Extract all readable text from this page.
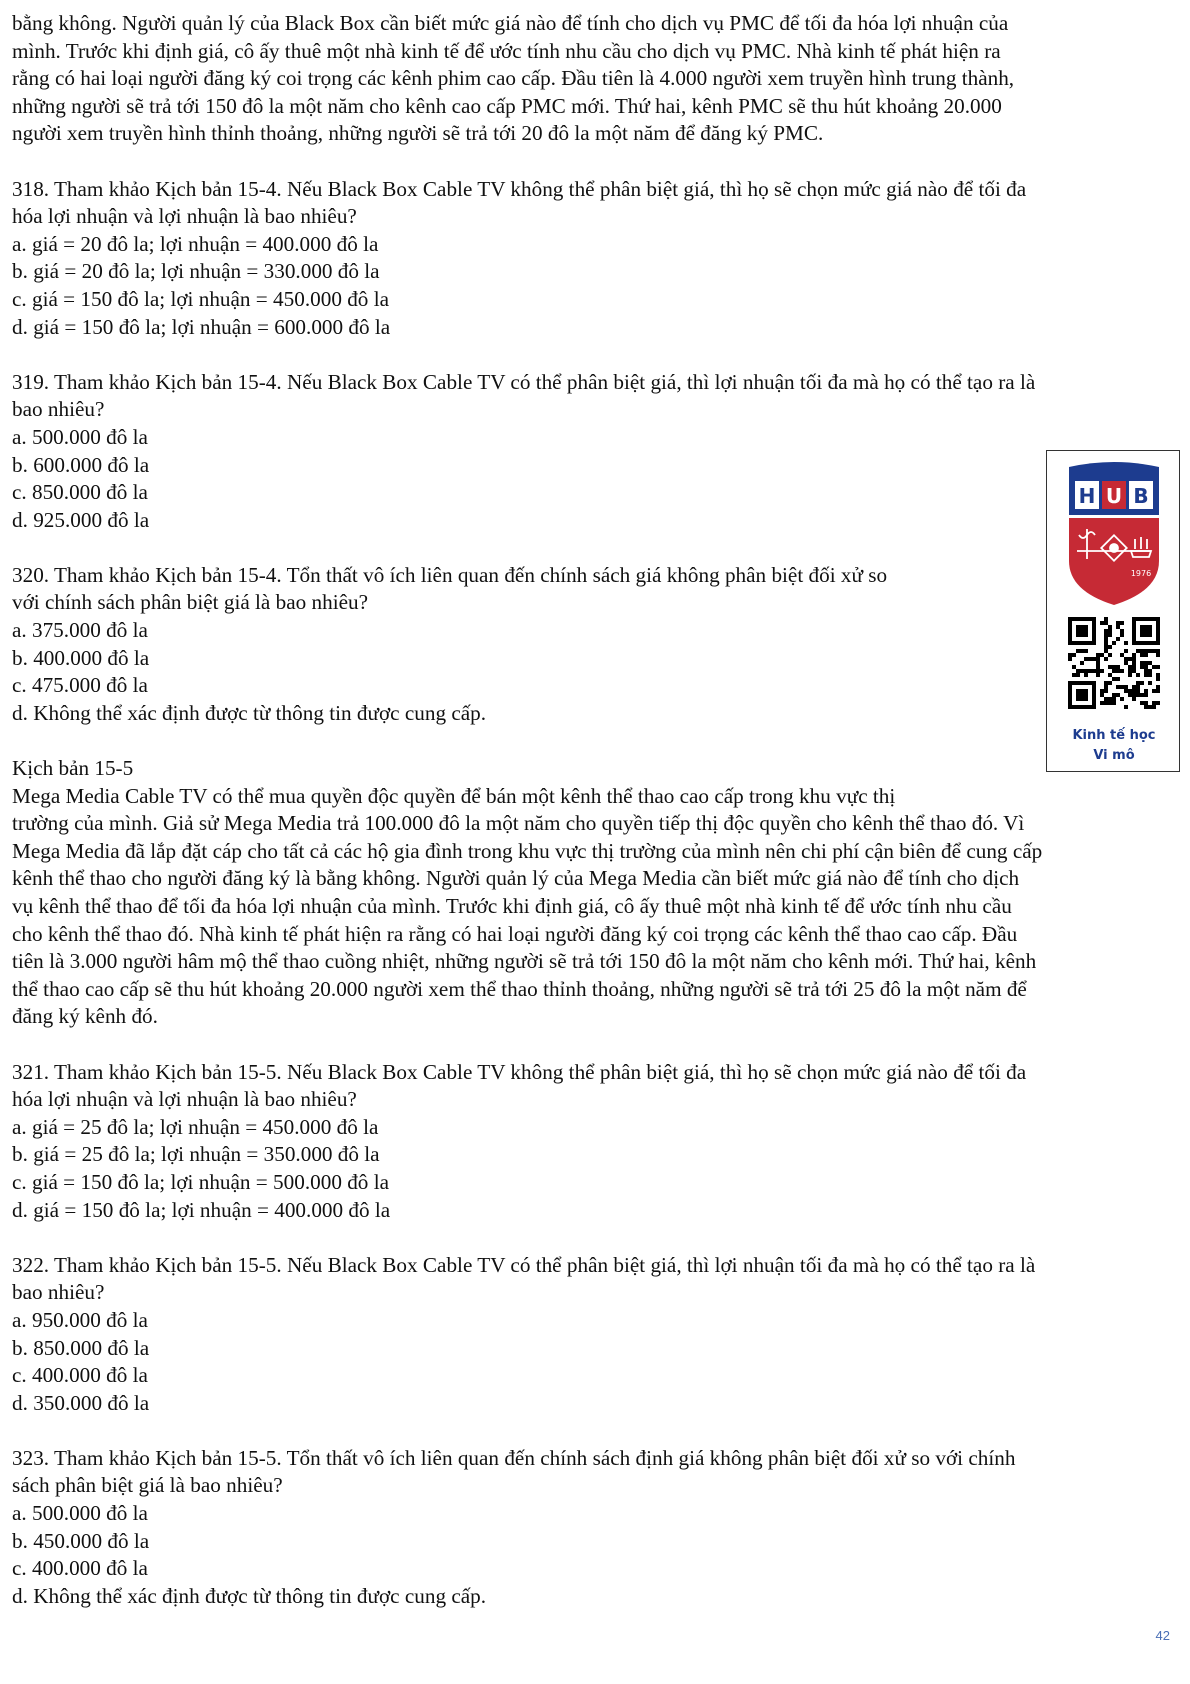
bằng không. Người quản lý của Black Box cần biết mức giá nào để tính cho dịch vụ PMC để tối đa hóa lợi nhuận của
mình. Trước khi định giá, cô ấy thuê một nhà kinh tế để ước tính nhu cầu cho dịch vụ PMC. Nhà kinh tế phát hiện ra
rằng có hai loại người đăng ký coi trọng các kênh phim cao cấp. Đầu tiên là 4.000 người xem truyền hình trung thành,
những người sẽ trả tới 150 đô la một năm cho kênh cao cấp PMC mới. Thứ hai, kênh PMC sẽ thu hút khoảng 20.000
người xem truyền hình thỉnh thoảng, những người sẽ trả tới 20 đô la một năm để đăng ký PMC.
318. Tham khảo Kịch bản 15-4. Nếu Black Box Cable TV không thể phân biệt giá, thì họ sẽ chọn mức giá nào để tối đa
hóa lợi nhuận và lợi nhuận là bao nhiêu?
a. giá = 20 đô la; lợi nhuận = 400.000 đô la
b. giá = 20 đô la; lợi nhuận = 330.000 đô la
c. giá = 150 đô la; lợi nhuận = 450.000 đô la
d. giá = 150 đô la; lợi nhuận = 600.000 đô la
319. Tham khảo Kịch bản 15-4. Nếu Black Box Cable TV có thể phân biệt giá, thì lợi nhuận tối đa mà họ có thể tạo ra là
bao nhiêu?
a. 500.000 đô la
b. 600.000 đô la
c. 850.000 đô la
d. 925.000 đô la
320. Tham khảo Kịch bản 15-4. Tổn thất vô ích liên quan đến chính sách giá không phân biệt đối xử so
với chính sách phân biệt giá là bao nhiêu?
a. 375.000 đô la
b. 400.000 đô la
c. 475.000 đô la
d. Không thể xác định được từ thông tin được cung cấp.
Kịch bản 15-5
Mega Media Cable TV có thể mua quyền độc quyền để bán một kênh thể thao cao cấp trong khu vực thị
trường của mình. Giả sử Mega Media trả 100.000 đô la một năm cho quyền tiếp thị độc quyền cho kênh thể thao đó. Vì
Mega Media đã lắp đặt cáp cho tất cả các hộ gia đình trong khu vực thị trường của mình nên chi phí cận biên để cung cấp
kênh thể thao cho người đăng ký là bằng không. Người quản lý của Mega Media cần biết mức giá nào để tính cho dịch
vụ kênh thể thao để tối đa hóa lợi nhuận của mình. Trước khi định giá, cô ấy thuê một nhà kinh tế để ước tính nhu cầu
cho kênh thể thao đó. Nhà kinh tế phát hiện ra rằng có hai loại người đăng ký coi trọng các kênh thể thao cao cấp. Đầu
tiên là 3.000 người hâm mộ thể thao cuồng nhiệt, những người sẽ trả tới 150 đô la một năm cho kênh mới. Thứ hai, kênh
thể thao cao cấp sẽ thu hút khoảng 20.000 người xem thể thao thỉnh thoảng, những người sẽ trả tới 25 đô la một năm để
đăng ký kênh đó.
321. Tham khảo Kịch bản 15-5. Nếu Black Box Cable TV không thể phân biệt giá, thì họ sẽ chọn mức giá nào để tối đa
hóa lợi nhuận và lợi nhuận là bao nhiêu?
a. giá = 25 đô la; lợi nhuận = 450.000 đô la
b. giá = 25 đô la; lợi nhuận = 350.000 đô la
c. giá = 150 đô la; lợi nhuận = 500.000 đô la
d. giá = 150 đô la; lợi nhuận = 400.000 đô la
322. Tham khảo Kịch bản 15-5. Nếu Black Box Cable TV có thể phân biệt giá, thì lợi nhuận tối đa mà họ có thể tạo ra là
bao nhiêu?
a. 950.000 đô la
b. 850.000 đô la
c. 400.000 đô la
d. 350.000 đô la
323. Tham khảo Kịch bản 15-5. Tổn thất vô ích liên quan đến chính sách định giá không phân biệt đối xử so với chính
sách phân biệt giá là bao nhiêu?
a. 500.000 đô la
b. 450.000 đô la
c. 400.000 đô la
d. Không thể xác định được từ thông tin được cung cấp.
H U B
1976
Kinh tế học
Vi mô
42
